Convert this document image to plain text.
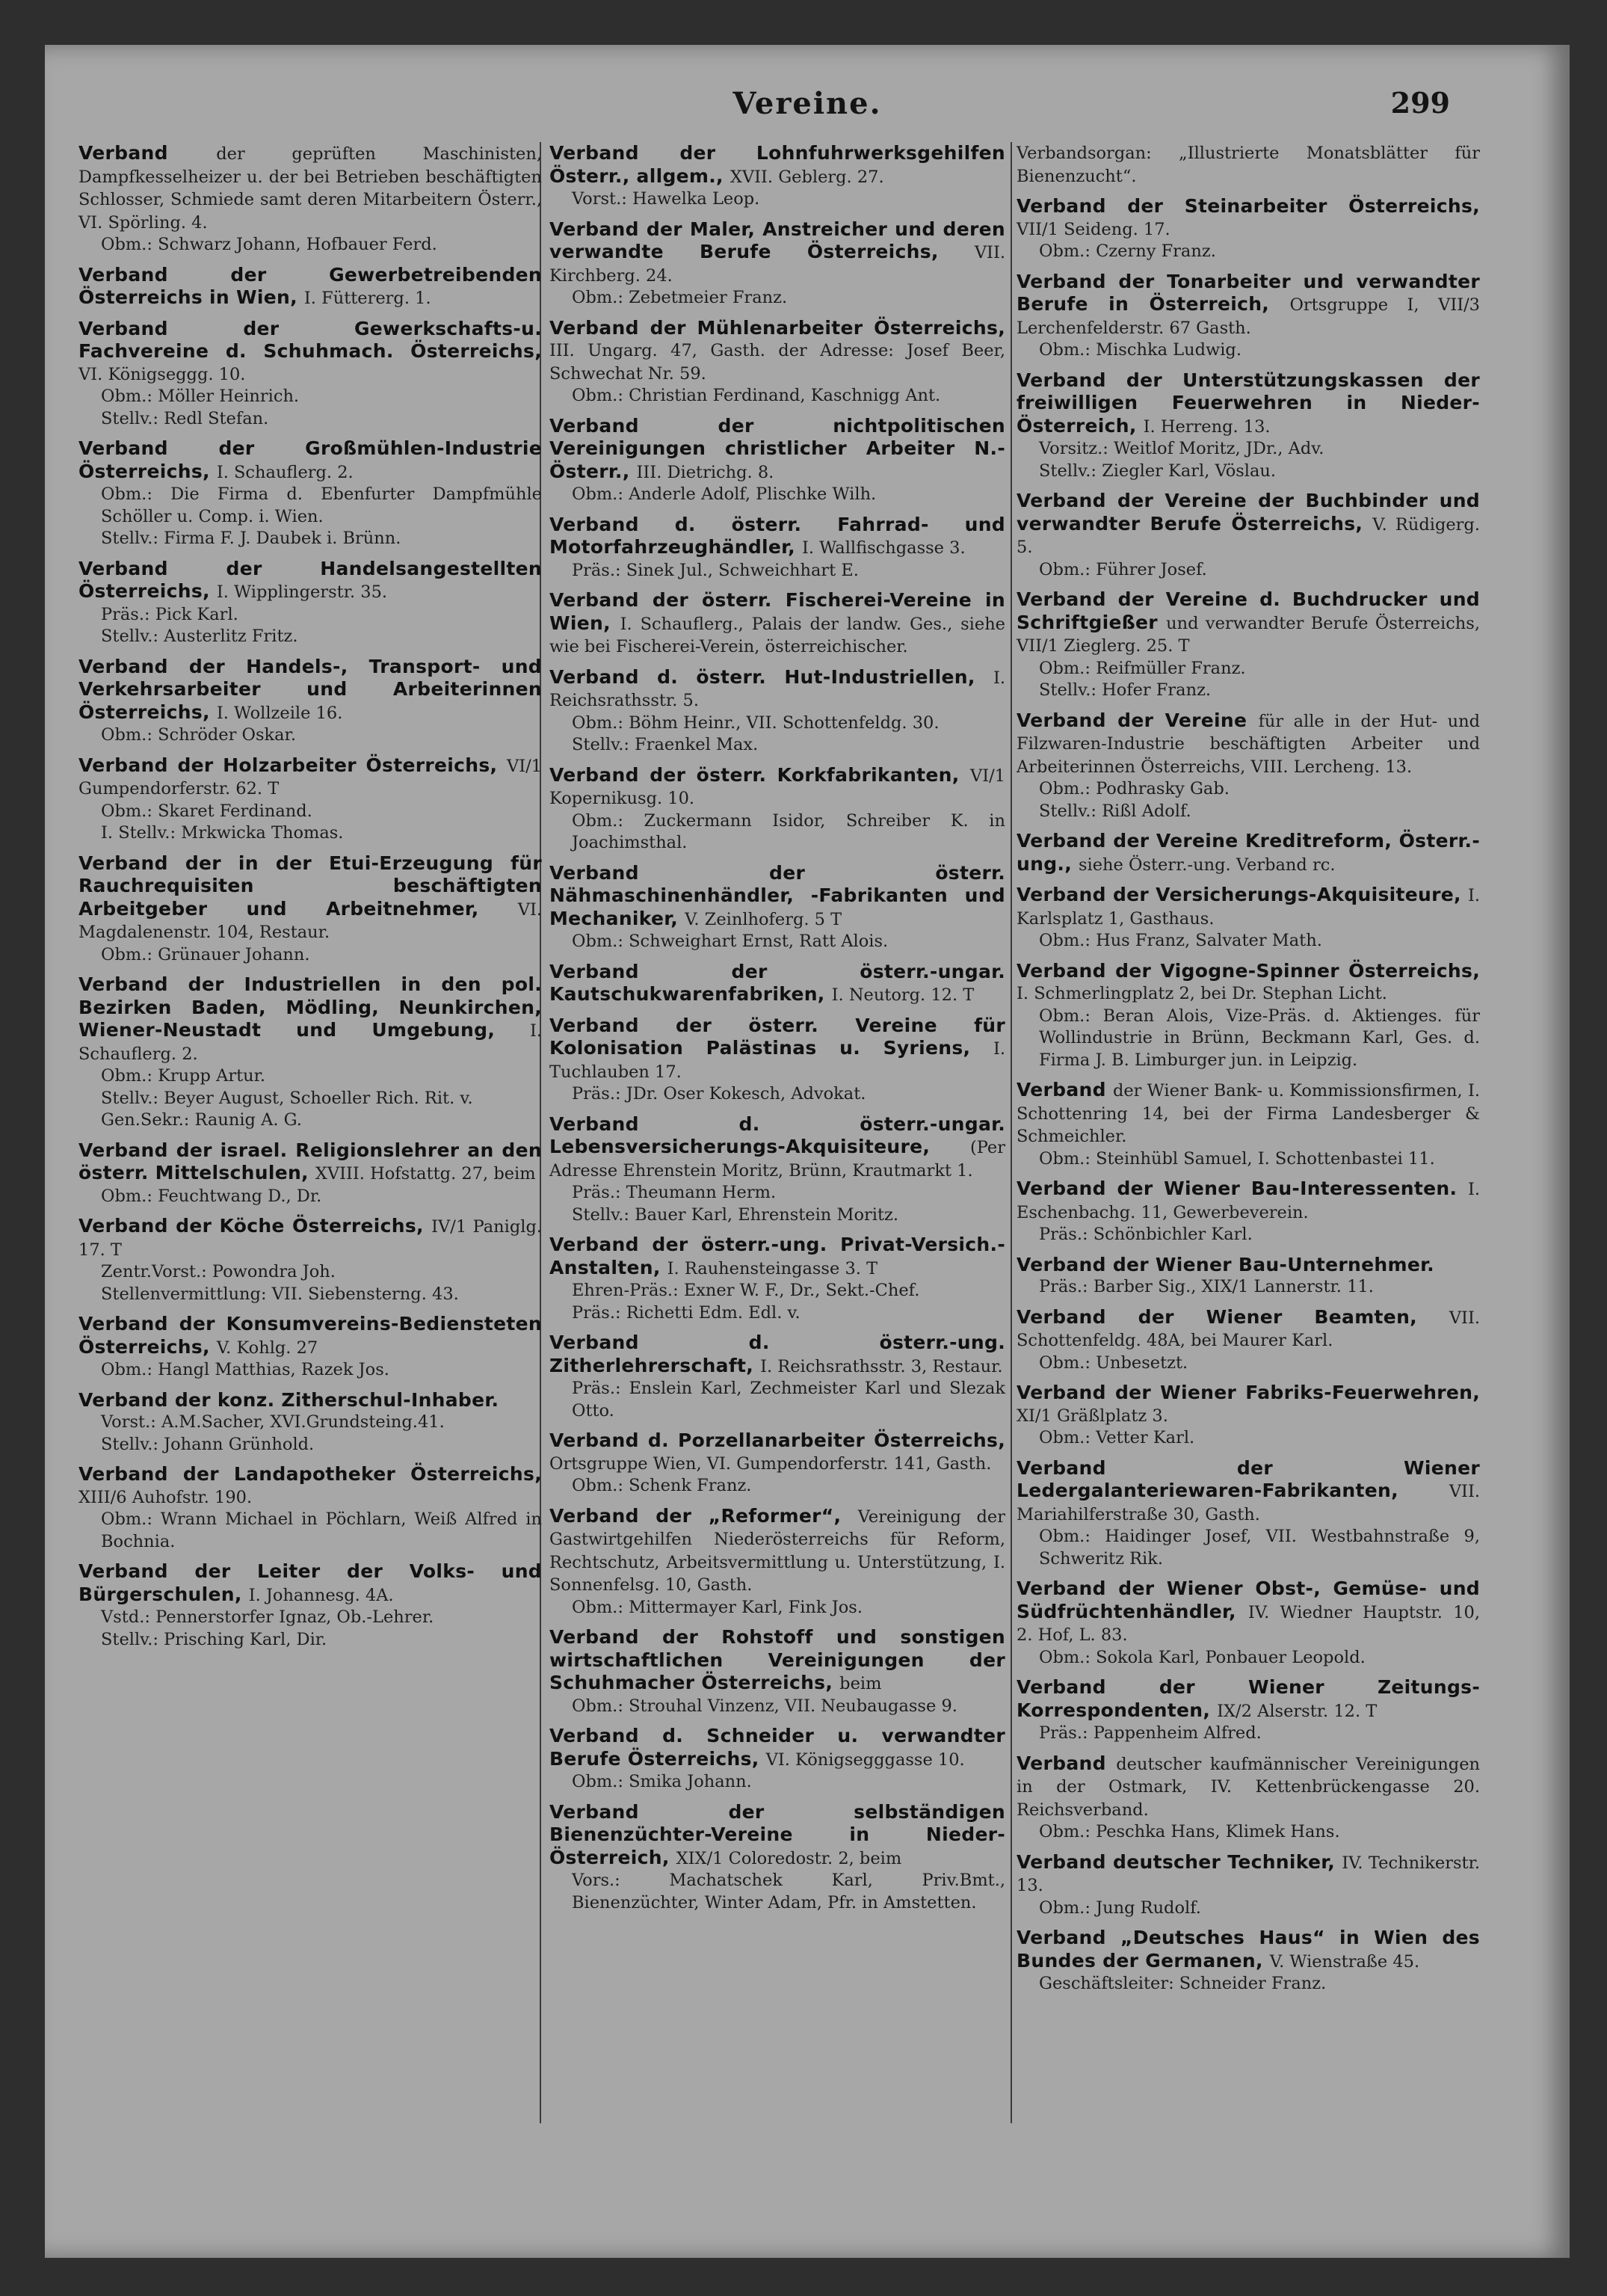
Vereine.	299
Verband der geprüften Maschinisten, Dampfkesselheizer u. der bei Betrieben beschäftigten Schlosser, Schmiede samt deren Mitarbeitern Österr., VI. Spörling. 4.
Obm.: Schwarz Johann, Hofbauer Ferd.
Verband der Gewerbetreibenden Österreichs in Wien, I. Füttererg. 1.
Verband der Gewerkschafts-u. Fachvereine d. Schuhmach. Österreichs, VI. Königseggg. 10.
Obm.: Möller Heinrich.
Stellv.: Redl Stefan.
Verband der Großmühlen-Industrie Österreichs, I. Schauflerg. 2.
Obm.: Die Firma d. Ebenfurter Dampfmühle Schöller u. Comp. i. Wien.
Stellv.: Firma F. J. Daubek i. Brünn.
Verband der Handelsangestellten Österreichs, I. Wipplingerstr. 35.
Präs.: Pick Karl.
Stellv.: Austerlitz Fritz.
Verband der Handels-, Transport- und Verkehrsarbeiter und Arbeiterinnen Österreichs, I. Wollzeile 16.
Obm.: Schröder Oskar.
Verband der Holzarbeiter Österreichs, VI/1 Gumpendorferstr. 62. T
Obm.: Skaret Ferdinand.
I. Stellv.: Mrkwicka Thomas.
Verband der in der Etui-Erzeugung für Rauchrequisiten beschäftigten Arbeitgeber und Arbeitnehmer, VI. Magdalenenstr. 104, Restaur.
Obm.: Grünauer Johann.
Verband der Industriellen in den pol. Bezirken Baden, Mödling, Neunkirchen, Wiener-Neustadt und Umgebung, I. Schauflerg. 2.
Obm.: Krupp Artur.
Stellv.: Beyer August, Schoeller Rich. Rit. v.
Gen.Sekr.: Raunig A. G.
Verband der israel. Religionslehrer an den österr. Mittelschulen, XVIII. Hofstattg. 27, beim
Obm.: Feuchtwang D., Dr.
Verband der Köche Österreichs, IV/1 Paniglg. 17. T
Zentr.Vorst.: Powondra Joh.
Stellenvermittlung: VII. Siebensterng. 43.
Verband der Konsumvereins-Bediensteten Österreichs, V. Kohlg. 27
Obm.: Hangl Matthias, Razek Jos.
Verband der konz. Zitherschul-Inhaber.
Vorst.: A.M.Sacher, XVI.Grundsteing.41.
Stellv.: Johann Grünhold.
Verband der Landapotheker Österreichs, XIII/6 Auhofstr. 190.
Obm.: Wrann Michael in Pöchlarn, Weiß Alfred in Bochnia.
Verband der Leiter der Volks- und Bürgerschulen, I. Johannesg. 4A.
Vstd.: Pennerstorfer Ignaz, Ob.-Lehrer.
Stellv.: Prisching Karl, Dir.
Verband der Lohnfuhrwerksgehilfen Österr., allgem., XVII. Geblerg. 27.
Vorst.: Hawelka Leop.
Verband der Maler, Anstreicher und deren verwandte Berufe Österreichs, VII. Kirchberg. 24.
Obm.: Zebetmeier Franz.
Verband der Mühlenarbeiter Österreichs, III. Ungarg. 47, Gasth. der Adresse: Josef Beer, Schwechat Nr. 59.
Obm.: Christian Ferdinand, Kaschnigg Ant.
Verband der nichtpolitischen Vereinigungen christlicher Arbeiter N.-Österr., III. Dietrichg. 8.
Obm.: Anderle Adolf, Plischke Wilh.
Verband d. österr. Fahrrad- und Motorfahrzeughändler, I. Wallfischgasse 3.
Präs.: Sinek Jul., Schweichhart E.
Verband der österr. Fischerei-Vereine in Wien, I. Schauflerg., Palais der landw. Ges., siehe wie bei Fischerei-Verein, österreichischer.
Verband d. österr. Hut-Industriellen, I. Reichsrathsstr. 5.
Obm.: Böhm Heinr., VII. Schottenfeldg. 30.
Stellv.: Fraenkel Max.
Verband der österr. Korkfabrikanten, VI/1 Kopernikusg. 10.
Obm.: Zuckermann Isidor, Schreiber K. in Joachimsthal.
Verband der österr. Nähmaschinenhändler, -Fabrikanten und Mechaniker, V. Zeinlhoferg. 5 T
Obm.: Schweighart Ernst, Ratt Alois.
Verband der österr.-ungar. Kautschukwarenfabriken, I. Neutorg. 12. T
Verband der österr. Vereine für Kolonisation Palästinas u. Syriens, I. Tuchlauben 17.
Präs.: JDr. Oser Kokesch, Advokat.
Verband d. österr.-ungar. Lebensversicherungs-Akquisiteure, (Per Adresse Ehrenstein Moritz, Brünn, Krautmarkt 1.
Präs.: Theumann Herm.
Stellv.: Bauer Karl, Ehrenstein Moritz.
Verband der österr.-ung. Privat-Versich.-Anstalten, I. Rauhensteingasse 3. T
Ehren-Präs.: Exner W. F., Dr., Sekt.-Chef.
Präs.: Richetti Edm. Edl. v.
Verband d. österr.-ung. Zitherlehrerschaft, I. Reichsrathsstr. 3, Restaur.
Präs.: Enslein Karl, Zechmeister Karl und Slezak Otto.
Verband d. Porzellanarbeiter Österreichs, Ortsgruppe Wien, VI. Gumpendorferstr. 141, Gasth.
Obm.: Schenk Franz.
Verband der „Reformer“, Vereinigung der Gastwirtgehilfen Niederösterreichs für Reform, Rechtschutz, Arbeitsvermittlung u. Unterstützung, I. Sonnenfelsg. 10, Gasth.
Obm.: Mittermayer Karl, Fink Jos.
Verband der Rohstoff und sonstigen wirtschaftlichen Vereinigungen der Schuhmacher Österreichs, beim
Obm.: Strouhal Vinzenz, VII. Neubaugasse 9.
Verband d. Schneider u. verwandter Berufe Österreichs, VI. Königsegggasse 10.
Obm.: Smika Johann.
Verband der selbständigen Bienenzüchter-Vereine in Nieder-Österreich, XIX/1 Coloredostr. 2, beim
Vors.: Machatschek Karl, Priv.Bmt., Bienenzüchter, Winter Adam, Pfr. in Amstetten.
Verbandsorgan: „Illustrierte Monatsblätter für Bienenzucht“.
Verband der Steinarbeiter Österreichs, VII/1 Seideng. 17.
Obm.: Czerny Franz.
Verband der Tonarbeiter und verwandter Berufe in Österreich, Ortsgruppe I, VII/3 Lerchenfelderstr. 67 Gasth.
Obm.: Mischka Ludwig.
Verband der Unterstützungskassen der freiwilligen Feuerwehren in Nieder-Österreich, I. Herreng. 13.
Vorsitz.: Weitlof Moritz, JDr., Adv.
Stellv.: Ziegler Karl, Vöslau.
Verband der Vereine der Buchbinder und verwandter Berufe Österreichs, V. Rüdigerg. 5.
Obm.: Führer Josef.
Verband der Vereine d. Buchdrucker und Schriftgießer und verwandter Berufe Österreichs, VII/1 Zieglerg. 25. T
Obm.: Reifmüller Franz.
Stellv.: Hofer Franz.
Verband der Vereine für alle in der Hut- und Filzwaren-Industrie beschäftigten Arbeiter und Arbeiterinnen Österreichs, VIII. Lercheng. 13.
Obm.: Podhrasky Gab.
Stellv.: Rißl Adolf.
Verband der Vereine Kreditreform, Österr.-ung., siehe Österr.-ung. Verband rc.
Verband der Versicherungs-Akquisiteure, I. Karlsplatz 1, Gasthaus.
Obm.: Hus Franz, Salvater Math.
Verband der Vigogne-Spinner Österreichs, I. Schmerlingplatz 2, bei Dr. Stephan Licht.
Obm.: Beran Alois, Vize-Präs. d. Aktienges. für Wollindustrie in Brünn, Beckmann Karl, Ges. d. Firma J. B. Limburger jun. in Leipzig.
Verband der Wiener Bank- u. Kommissionsfirmen, I. Schottenring 14, bei der Firma Landesberger & Schmeichler.
Obm.: Steinhübl Samuel, I. Schottenbastei 11.
Verband der Wiener Bau-Interessenten. I. Eschenbachg. 11, Gewerbeverein.
Präs.: Schönbichler Karl.
Verband der Wiener Bau-Unternehmer.
Präs.: Barber Sig., XIX/1 Lannerstr. 11.
Verband der Wiener Beamten, VII. Schottenfeldg. 48A, bei Maurer Karl.
Obm.: Unbesetzt.
Verband der Wiener Fabriks-Feuerwehren, XI/1 Gräßlplatz 3.
Obm.: Vetter Karl.
Verband der Wiener Ledergalanteriewaren-Fabrikanten, VII. Mariahilferstraße 30, Gasth.
Obm.: Haidinger Josef, VII. Westbahnstraße 9, Schweritz Rik.
Verband der Wiener Obst-, Gemüse- und Südfrüchtenhändler, IV. Wiedner Hauptstr. 10, 2. Hof, L. 83.
Obm.: Sokola Karl, Ponbauer Leopold.
Verband der Wiener Zeitungs-Korrespondenten, IX/2 Alserstr. 12. T
Präs.: Pappenheim Alfred.
Verband deutscher kaufmännischer Vereinigungen in der Ostmark, IV. Kettenbrückengasse 20. Reichsverband.
Obm.: Peschka Hans, Klimek Hans.
Verband deutscher Techniker, IV. Technikerstr. 13.
Obm.: Jung Rudolf.
Verband „Deutsches Haus“ in Wien des Bundes der Germanen, V. Wienstraße 45.
Geschäftsleiter: Schneider Franz.
